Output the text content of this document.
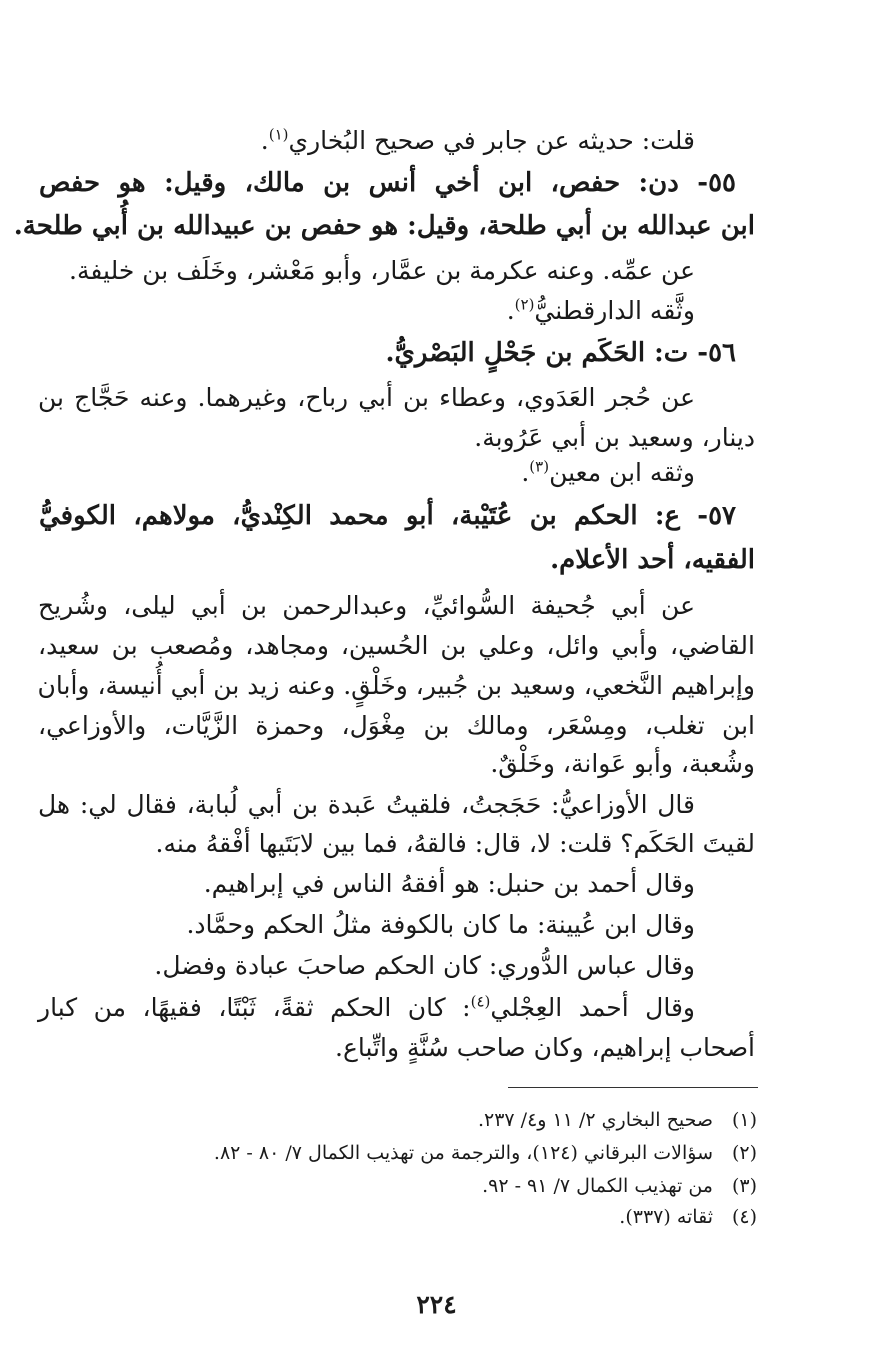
قلت: حديثه عن جابر في صحيح البُخاري$^{(١)}$.
٥٥- دن: حفص، ابن أخي أنس بن مالك، وقيل: هو حفص
ابن عبدالله بن أبي طلحة، وقيل: هو حفص بن عبيدالله بن أُبي طلحة.
عن عمِّه. وعنه عكرمة بن عمَّار، وأبو مَعْشر، وخَلَف بن خليفة.
وثَّقه الدارقطنيُّ$^{(٢)}$.
٥٦- ت: الحَكَم بن جَحْلٍ البَصْريُّ.
عن حُجر العَدَوي، وعطاء بن أبي رباح، وغيرهما. وعنه حَجَّاج بن
دينار، وسعيد بن أبي عَرُوبة.
وثقه ابن معين$^{(٣)}$.
٥٧- ع: الحكم بن عُتَيْبة، أبو محمد الكِنْديُّ، مولاهم، الكوفيُّ
الفقيه، أحد الأعلام.
عن أبي جُحيفة السُّوائيِّ، وعبدالرحمن بن أبي ليلى، وشُريح
القاضي، وأبي وائل، وعلي بن الحُسين، ومجاهد، ومُصعب بن سعيد،
وإبراهيم النَّخعي، وسعيد بن جُبير، وخَلْقٍ. وعنه زيد بن أبي أُنيسة، وأبان
ابن تغلب، ومِسْعَر، ومالك بن مِغْوَل، وحمزة الزَّيَّات، والأوزاعي،
وشُعبة، وأبو عَوانة، وخَلْقٌ.
قال الأوزاعيُّ: حَجَجتُ، فلقيتُ عَبدة بن أبي لُبابة، فقال لي: هل
لقيتَ الحَكَم؟ قلت: لا، قال: فالقهُ، فما بين لابَتَيها أفْقهُ منه.
وقال أحمد بن حنبل: هو أفقهُ الناس في إبراهيم.
وقال ابن عُيينة: ما كان بالكوفة مثلُ الحكم وحمَّاد.
وقال عباس الدُّوري: كان الحكم صاحبَ عبادة وفضل.
وقال أحمد العِجْلي$^{(٤)}$: كان الحكم ثقةً، ثَبْتًا، فقيهًا، من كبار
أصحاب إبراهيم، وكان صاحب سُنَّةٍ واتِّباع.
(١)صحيح البخاري ٢/ ١١ و٤/ ٢٣٧.
(٢)سؤالات البرقاني (١٢٤)، والترجمة من تهذيب الكمال ٧/ ٨٠ - ٨٢.
(٣)من تهذيب الكمال ٧/ ٩١ - ٩٢.
(٤)ثقاته (٣٣٧).
٢٢٤
